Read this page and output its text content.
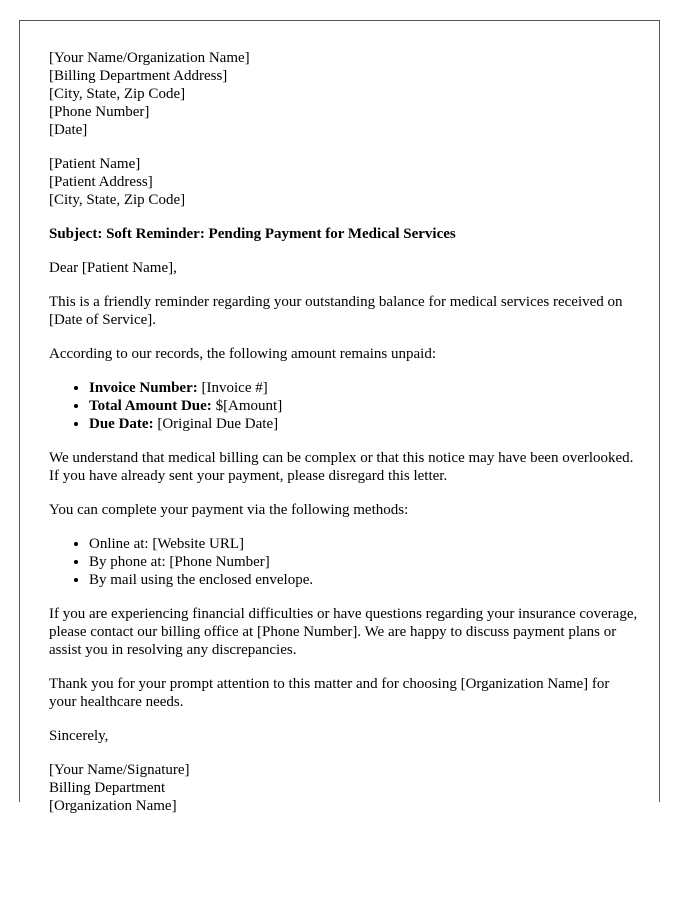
[Your Name/Organization Name]
[Billing Department Address]
[City, State, Zip Code]
[Phone Number]
[Date]
[Patient Name]
[Patient Address]
[City, State, Zip Code]

Subject: Soft Reminder: Pending Payment for Medical Services

Dear [Patient Name],

This is a friendly reminder regarding your outstanding balance for medical services received on [Date of Service].

According to our records, the following amount remains unpaid:

• Invoice Number: [Invoice #]
• Total Amount Due: $[Amount]
• Due Date: [Original Due Date]

We understand that medical billing can be complex or that this notice may have been overlooked. If you have already sent your payment, please disregard this letter.

You can complete your payment via the following methods:

• Online at: [Website URL]
• By phone at: [Phone Number]
• By mail using the enclosed envelope.

If you are experiencing financial difficulties or have questions regarding your insurance coverage, please contact our billing office at [Phone Number]. We are happy to discuss payment plans or assist you in resolving any discrepancies.

Thank you for your prompt attention to this matter and for choosing [Organization Name] for your healthcare needs.

Sincerely,

[Your Name/Signature]
Billing Department
[Organization Name]
